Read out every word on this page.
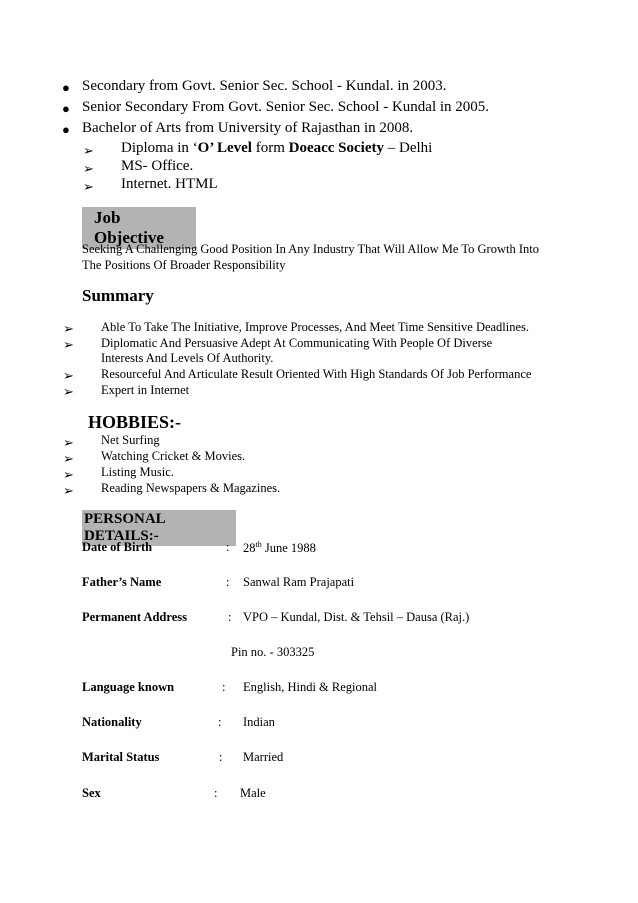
● Secondary from Govt. Senior Sec. School - Kundal. in 2003.
● Senior Secondary From Govt. Senior Sec. School - Kundal in 2005.
● Bachelor of Arts from University of Rajasthan in 2008.
➢ Diploma in ‘O’ Level form Doeacc Society – Delhi
➢ MS- Office.
➢ Internet. HTML
Job Objective
Seeking A Challenging Good Position In Any Industry That Will Allow Me To Growth Into
The Positions Of Broader Responsibility
Summary
➢ Able To Take The Initiative, Improve Processes, And Meet Time Sensitive Deadlines.
➢ Diplomatic And Persuasive Adept At Communicating With People Of Diverse
Interests And Levels Of Authority.
➢ Resourceful And Articulate Result Oriented With High Standards Of Job Performance
➢ Expert in Internet
HOBBIES:-
➢ Net Surfing
➢ Watching Cricket & Movies.
➢ Listing Music.
➢ Reading Newspapers & Magazines.
PERSONAL DETAILS:-
Date of Birth	: 28th June 1988
Father’s Name	: Sanwal Ram Prajapati
Permanent Address	: VPO – Kundal, Dist. & Tehsil – Dausa (Raj.)
Pin no. - 303325
Language known	: English, Hindi & Regional
Nationality	: Indian
Marital Status	: Married
Sex	: Male
